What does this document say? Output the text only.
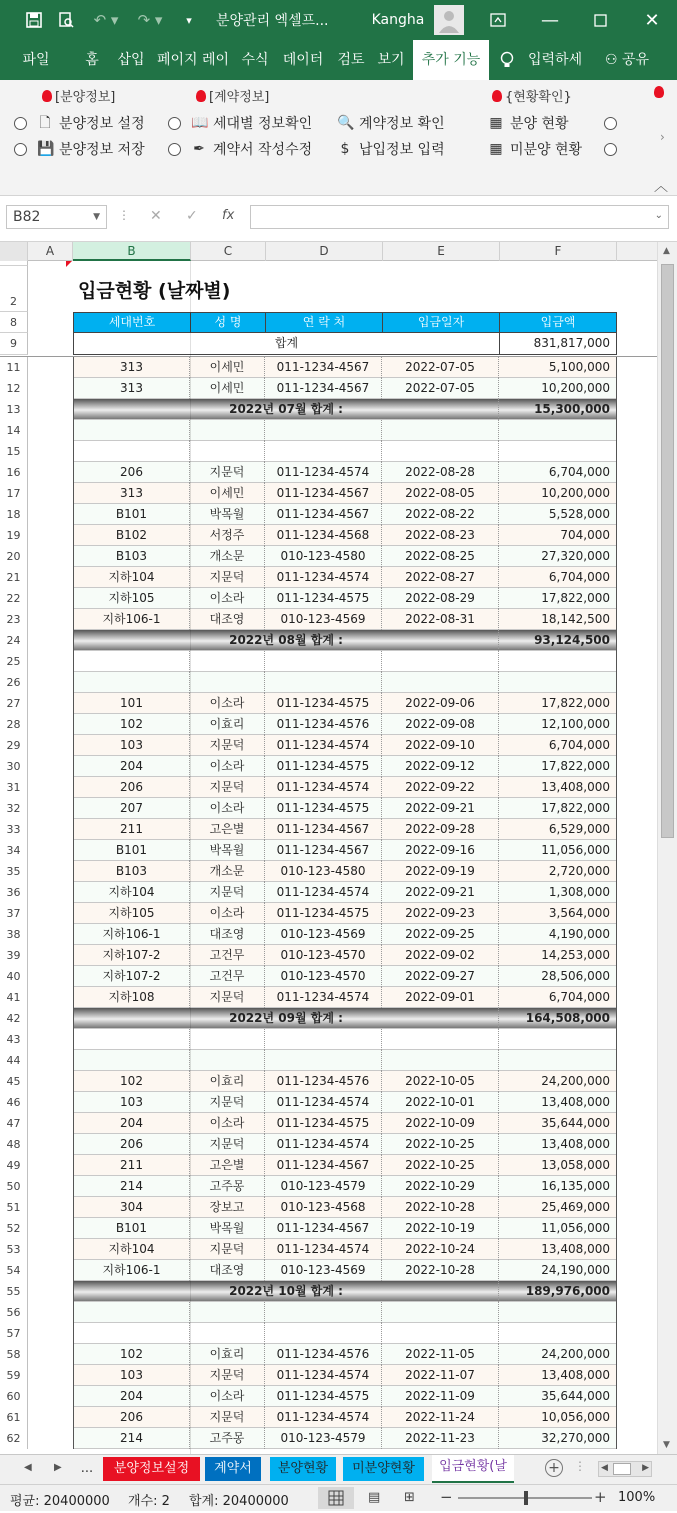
↶ ▾	↷ ▾	▾	분양관리 엑셀프...	Kangha	—	✕
파일	홈	삽입 페이지 레이 수식	데이터	검토 보기	추가 기능	입력하세	⚇ 공유
[분양정보]	[계약정보]	{현황확인}
🗋 분양정보 설정	📖 세대별 정보확인 🔍 계약정보 확인	▦ 분양 현황
💾 분양정보 저장	✒ 계약서 작성수정 $ 납입정보 입력	▦ 미분양 현황
›
︿
B82	▼ ⋮ ✕ ✓ fx	⌄
A	B	C	D	E	F
2
8
9
11
12
13
14
15
16
17
18
19
20
21
22
23
24
25
26
27
28
29
30
31
32
33
34
35
36
37
38
39
40
41
42
43
44
45
46
47
48
49
50
51
52
53
54
55
56
57
58
59
60
61
62
입금현황 (날짜별)
세대번호	성 명	연 락 처	입금일자	입금액
합계	831,817,000
313	이세민	011-1234-4567	2022-07-05	5,100,000
313	이세민	011-1234-4567	2022-07-05	10,200,000
2022년 07월 합계 :	15,300,000
206	지문덕	011-1234-4574	2022-08-28	6,704,000
313	이세민	011-1234-4567	2022-08-05	10,200,000
B101	박목월	011-1234-4567	2022-08-22	5,528,000
B102	서정주	011-1234-4568	2022-08-23	704,000
B103	개소문	010-123-4580	2022-08-25	27,320,000
지하104	지문덕	011-1234-4574	2022-08-27	6,704,000
지하105	이소라	011-1234-4575	2022-08-29	17,822,000
지하106-1	대조영	010-123-4569	2022-08-31	18,142,500
2022년 08월 합계 :	93,124,500
101	이소라	011-1234-4575	2022-09-06	17,822,000
102	이효리	011-1234-4576	2022-09-08	12,100,000
103	지문덕	011-1234-4574	2022-09-10	6,704,000
204	이소라	011-1234-4575	2022-09-12	17,822,000
206	지문덕	011-1234-4574	2022-09-22	13,408,000
207	이소라	011-1234-4575	2022-09-21	17,822,000
211	고은별	011-1234-4567	2022-09-28	6,529,000
B101	박목월	011-1234-4567	2022-09-16	11,056,000
B103	개소문	010-123-4580	2022-09-19	2,720,000
지하104	지문덕	011-1234-4574	2022-09-21	1,308,000
지하105	이소라	011-1234-4575	2022-09-23	3,564,000
지하106-1	대조영	010-123-4569	2022-09-25	4,190,000
지하107-2	고건무	010-123-4570	2022-09-02	14,253,000
지하107-2	고건무	010-123-4570	2022-09-27	28,506,000
지하108	지문덕	011-1234-4574	2022-09-01	6,704,000
2022년 09월 합계 :	164,508,000
102	이효리	011-1234-4576	2022-10-05	24,200,000
103	지문덕	011-1234-4574	2022-10-01	13,408,000
204	이소라	011-1234-4575	2022-10-09	35,644,000
206	지문덕	011-1234-4574	2022-10-25	13,408,000
211	고은별	011-1234-4567	2022-10-25	13,058,000
214	고주몽	010-123-4579	2022-10-29	16,135,000
304	장보고	010-123-4568	2022-10-28	25,469,000
B101	박목월	011-1234-4567	2022-10-19	11,056,000
지하104	지문덕	011-1234-4574	2022-10-24	13,408,000
지하106-1	대조영	010-123-4569	2022-10-28	24,190,000
2022년 10월 합계 :	189,976,000
102	이효리	011-1234-4576	2022-11-05	24,200,000
103	지문덕	011-1234-4574	2022-11-07	13,408,000
204	이소라	011-1234-4575	2022-11-09	35,644,000
206	지문덕	011-1234-4574	2022-11-24	10,056,000
214	고주몽	010-123-4579	2022-11-23	32,270,000
▲
▼
◀ ▶	...	분양정보설정	계약서	분양현황	미분양현황	입금현황(날	+ ⋮ ◀	▶
평균: 20400000 개수: 2 합계: 20400000	▤ ⊞ −	+ 100%
